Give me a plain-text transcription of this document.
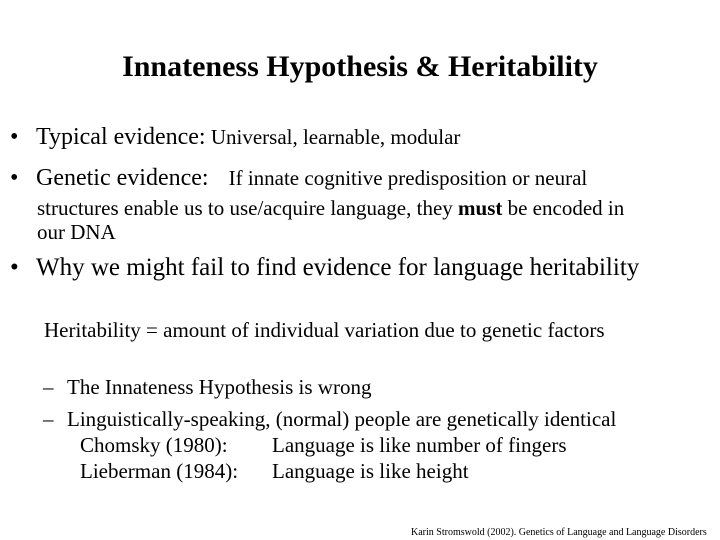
Innateness Hypothesis & Heritability
• Typical evidence: Universal, learnable, modular
• Genetic evidence: If innate cognitive predisposition or neural
structures enable us to use/acquire language, they must be encoded in
our DNA
• Why we might fail to find evidence for language heritability
Heritability = amount of individual variation due to genetic factors
– The Innateness Hypothesis is wrong
– Linguistically-speaking, (normal) people are genetically identical
Chomsky (1980): Language is like number of fingers
Lieberman (1984): Language is like height
Karin Stromswold (2002). Genetics of Language and Language Disorders
